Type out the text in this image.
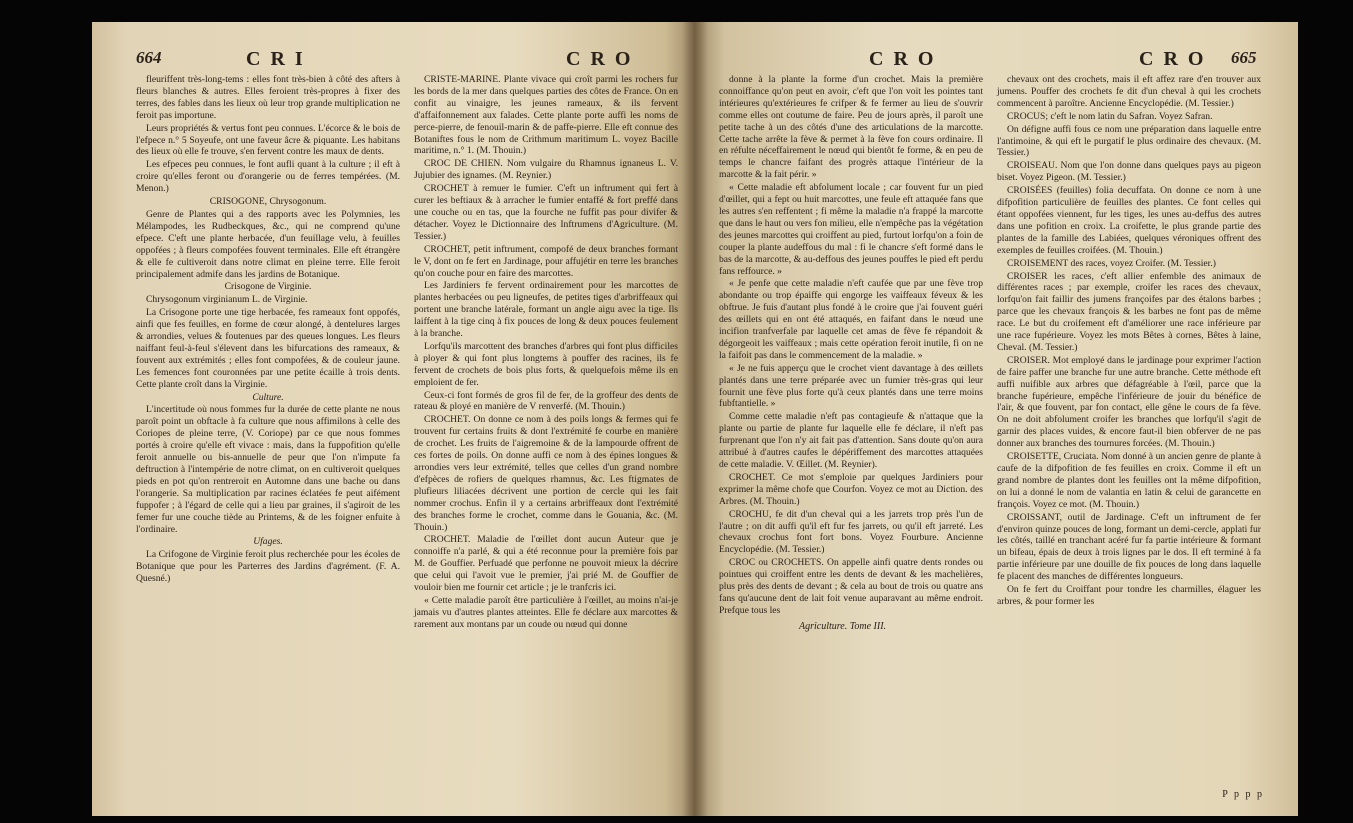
664	CRI	CRO

fleuriffent très-long-tems : elles font très-bien à côté des afters à fleurs blanches & autres. Elles feroient très-propres à fixer des terres, des fables dans les lieux où leur trop grande multiplication ne feroit pas importune.

Leurs propriétés & vertus font peu connues. L'écorce & le bois de l'efpece n.° 5 Soyeufe, ont une faveur âcre & piquante. Les habitans des lieux où elle fe trouve, s'en fervent contre les maux de dents.

Les efpeces peu connues, le font aufli quant à la culture ; il eft à croire qu'elles feront ou d'orangerie ou de ferres tempérées. (M. Menon.)

CRISOGONE, Chrysogonum.

Genre de Plantes qui a des rapports avec les Polymnies, les Mélampodes, les Rudbeckques, &c., qui ne comprend qu'une efpece. C'eft une plante herbacée, d'un feuillage velu, à feuilles oppofées ; à fleurs compofées fouvent terminales. Elle eft étrangère & elle fe cultiveroit dans notre climat en pleine terre. Elle feroit principalement admife dans les jardins de Botanique.

Crisogone de Virginie.

Chrysogonum virginianum L. de Virginie.

La Crisogone porte une tige herbacée, fes rameaux font oppofés, ainfi que fes feuilles, en forme de cœur alongé, à dentelures larges & arrondies, velues & foutenues par des queues longues. Les fleurs naiffant feul-à-feul s'élevent dans les bifurcations des rameaux, & fouvent aux extrémités ; elles font compofées, & de couleur jaune. Les femences font couronnées par une petite écaille à trois dents. Cette plante croît dans la Virginie.

Culture.

L'incertitude où nous fommes fur la durée de cette plante ne nous paroît point un obftacle à fa culture que nous affimilons à celle des Coriopes de pleine terre, (V. Coriope) par ce que nous fommes portés à croire qu'elle eft vivace : mais, dans la fuppofition qu'elle feroit annuelle ou bis-annuelle de peur que l'on n'impute fa deftruction à l'intempérie de notre climat, on en cultiveroit quelques pieds en pot qu'on rentreroit en Automne dans une bache ou dans l'orangerie. Sa multiplication par racines éclatées fe peut aifément fuppofer ; à l'égard de celle qui a lieu par graines, il s'agiroit de les femer fur une couche tiède au Printems, & de les foigner enfuite à l'ordinaire.

Ufages.

La Crifogone de Virginie feroit plus recherchée pour les écoles de Botanique que pour les Parterres des Jardins d'agrément. (F. A. Quesné.)

CRISTE-MARINE. Plante vivace qui croît parmi les rochers fur les bords de la mer dans quelques parties des côtes de France. On en confit au vinaigre, les jeunes rameaux, & ils fervent d'affaifonnement aux falades. Cette plante porte auffi les noms de perce-pierre, de fenouil-marin & de paffe-pierre. Elle eft connue des Botaniftes fous le nom de Crithmum maritimum L. voyez Bacille maritime, n.° 1. (M. Thouin.)

CROC DE CHIEN. Nom vulgaire du Rhamnus ignaneus L. V. Jujubier des ignames. (M. Reynier.)

CROCHET à remuer le fumier. C'eft un inftrument qui fert à curer les beftiaux & à arracher le fumier entaffé & fort preffé dans une couche ou en tas, que la fourche ne fuffit pas pour divifer & détacher. Voyez le Dictionnaire des Inftrumens d'Agriculture. (M. Tessier.)

CROCHET, petit inftrument, compofé de deux branches formant le V, dont on fe fert en Jardinage, pour affujétir en terre les branches qu'on couche pour en faire des marcottes.

Les Jardiniers fe fervent ordinairement pour les marcottes de plantes herbacées ou peu ligneufes, de petites tiges d'arbriffeaux qui portent une branche latérale, formant un angle aigu avec la tige. Ils laiffent à la tige cinq à fix pouces de long & deux pouces feulement à la branche.

Lorfqu'ils marcottent des branches d'arbres qui font plus difficiles à ployer & qui font plus longtems à pouffer des racines, ils fe fervent de crochets de bois plus forts, & quelquefois même ils en emploient de fer.

Ceux-ci font formés de gros fil de fer, de la groffeur des dents de rateau & ployé en manière de V renverfé. (M. Thouin.)

CROCHET. On donne ce nom à des poils longs & fermes qui fe trouvent fur certains fruits & dont l'extrémité fe courbe en manière de crochet. Les fruits de l'aigremoine & de la lampourde offrent de ces fortes de poils. On donne auffi ce nom à des épines longues & arrondies vers leur extrémité, telles que celles d'un grand nombre d'efpèces de rofiers de quelques rhamnus, &c. Les ftigmates de plufieurs liliacées décrivent une portion de cercle qui les fait nommer crochus. Enfin il y a certains arbriffeaux dont l'extrémité des branches forme le crochet, comme dans le Gouania, &c. (M. Thouin.)

CROCHET. Maladie de l'œillet dont aucun Auteur que je connoiffe n'a parlé, & qui a été reconnue pour la première fois par M. de Gouffier. Perfuadé que perfonne ne pouvoit mieux la décrire que celui qui l'avoit vue le premier, j'ai prié M. de Gouffier de vouloir bien me fournir cet article ; je le tranfcris ici.

« Cette maladie paroît être particulière à l'œillet, au moins n'ai-je jamais vu d'autres plantes atteintes. Elle fe déclare aux marcottes & rarement aux montans par un coude ou nœud qui donne

CRO	CRO 665

donne à la plante la forme d'un crochet. Mais la première connoiffance qu'on peut en avoir, c'eft que l'on voit les pointes tant intérieures qu'extérieures fe crifper & fe fermer au lieu de s'ouvrir comme elles ont coutume de faire. Peu de jours après, il paroît une petite tache à un des côtés d'une des articulations de la marcotte. Cette tache arrête la fève & permet à la fève fon cours ordinaire. Il en réfulte néceffairement le nœud qui bientôt fe forme, & en peu de temps le chancre faifant des progrès attaque l'intérieur de la marcotte & la fait périr. »

« Cette maladie eft abfolument locale ; car fouvent fur un pied d'œillet, qui a fept ou huit marcottes, une feule eft attaquée fans que les autres s'en reffentent ; fi même la maladie n'a frappé la marcotte que dans le haut ou vers fon milieu, elle n'empêche pas la végétation des jeunes marcottes qui croiffent au pied, furtout lorfqu'on a foin de couper la plante audeffous du mal : fi le chancre s'eft formé dans le bas de la marcotte, & au-deffous des jeunes pouffes le pied eft perdu fans reffource. »

« Je penfe que cette maladie n'eft caufée que par une fève trop abondante ou trop épaiffe qui engorge les vaiffeaux féveux & les obftrue. Je fuis d'autant plus fondé à le croire que j'ai fouvent guéri des œillets qui en ont été attaqués, en faifant dans le nœud une incifion tranfverfale par laquelle cet amas de fève fe répandoit & dégorgeoit les vaiffeaux ; mais cette opération feroit inutile, fi on ne la faifoit pas dans le commencement de la maladie. »

« Je ne fuis apperçu que le crochet vient davantage à des œillets plantés dans une terre préparée avec un fumier très-gras qui leur fournit une fève plus forte qu'à ceux plantés dans une terre moins fubftantielle. »

Comme cette maladie n'eft pas contagieufe & n'attaque que la plante ou partie de plante fur laquelle elle fe déclare, il n'eft pas furprenant que l'on n'y ait fait pas d'attention. Sans doute qu'on aura attribué à d'autres caufes le dépériffement des marcottes attaquées de cette maladie. V. Œillet. (M. Reynier).

CROCHET. Ce mot s'emploie par quelques Jardiniers pour exprimer la même chofe que Courfon. Voyez ce mot au Diction. des Arbres. (M. Thouin.)

CROCHU, fe dit d'un cheval qui a les jarrets trop près l'un de l'autre ; on dit auffi qu'il eft fur fes jarrets, ou qu'il eft jarreté. Les chevaux crochus font fort bons. Voyez Fourbure. Ancienne Encyclopédie. (M. Tessier.)

CROC ou CROCHETS. On appelle ainfi quatre dents rondes ou pointues qui croiffent entre les dents de devant & les machelières, plus près des dents de devant ; & cela au bout de trois ou quatre ans fans qu'aucune dent de lait foit venue auparavant au même endroit. Prefque tous les

Agriculture. Tome III.

chevaux ont des crochets, mais il eft affez rare d'en trouver aux jumens. Pouffer des crochets fe dit d'un cheval à qui les crochets commencent à paroître. Ancienne Encyclopédie. (M. Tessier.)

CROCUS; c'eft le nom latin du Safran. Voyez Safran.

On défigne auffi fous ce nom une préparation dans laquelle entre l'antimoine, & qui eft le purgatif le plus ordinaire des chevaux. (M. Tessier.)

CROISEAU. Nom que l'on donne dans quelques pays au pigeon biset. Voyez Pigeon. (M. Tessier.)

CROISÉES (feuilles) folia decuffata. On donne ce nom à une difpofition particulière de feuilles des plantes. Ce font celles qui étant oppofées viennent, fur les tiges, les unes au-deffus des autres dans une pofition en croix. La croifette, le plus grande partie des plantes de la famille des Labiées, quelques véroniques offrent des exemples de feuilles croifées. (M. Thouin.)

CROISEMENT des races, voyez Croifer. (M. Tessier.)

CROISER les races, c'eft allier enfemble des animaux de différentes races ; par exemple, croifer les races des chevaux, lorfqu'on fait faillir des jumens françoifes par des étalons barbes ; parce que les chevaux françois & les barbes ne font pas de même race. Le but du croifement eft d'améliorer une race inférieure par une race fupérieure. Voyez les mots Bêtes à cornes, Bêtes à laine, Cheval. (M. Tessier.)

CROISER. Mot employé dans le jardinage pour exprimer l'action de faire paffer une branche fur une autre branche. Cette méthode eft auffi nuifible aux arbres que défagréable à l'œil, parce que la branche fupérieure, empêche l'inférieure de jouir du bénéfice de l'air, & que fouvent, par fon contact, elle gêne le cours de fa fève. On ne doit abfolument croifer les branches que lorfqu'il s'agit de garnir des places vuides, & encore faut-il bien obferver de ne pas donner aux branches des tournures forcées. (M. Thouin.)

CROISETTE, Cruciata. Nom donné à un ancien genre de plante à caufe de la difpofition de fes feuilles en croix. Comme il eft un grand nombre de plantes dont les feuilles ont la même difpofition, on lui a donné le nom de valantia en latin & celui de garancette en françois. Voyez ce mot. (M. Thouin.)

CROISSANT, outil de Jardinage. C'eft un inftrument de fer d'environ quinze pouces de long, formant un demi-cercle, applati fur les côtés, taillé en tranchant acéré fur fa partie intérieure & formant un bifeau, épais de deux à trois lignes par le dos. Il eft terminé à fa partie inférieure par une douille de fix pouces de long dans laquelle fe placent des manches de différentes longueurs.

On fe fert du Croiffant pour tondre les charmilles, élaguer les arbres, & pour former les

P p p p
